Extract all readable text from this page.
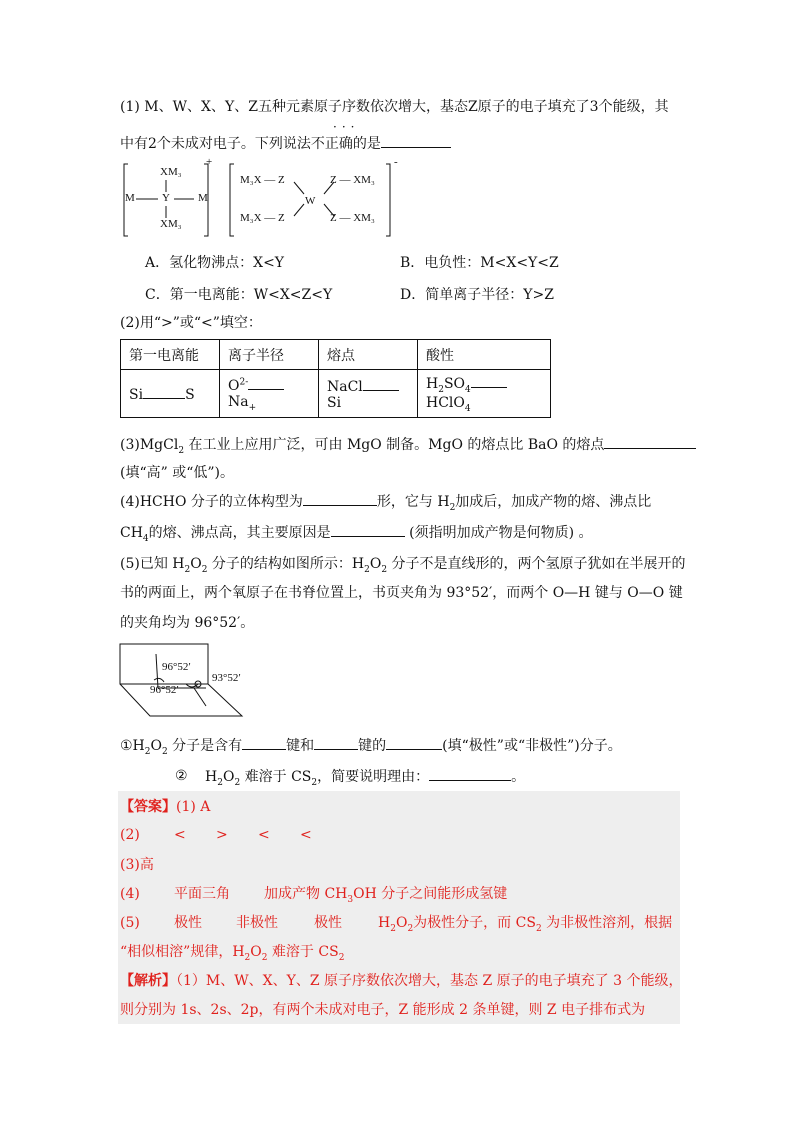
(1) M、W、X、Y、Z五种元素原子序数依次增大，基态Z原子的电子填充了3个能级，其
···
中有2个未成对电子。下列说法不正确的是
XM₃
M Y	M
XM₃
+
M₃X — Z	Z — XM₃
W
M₃X — Z	Z — XM₃
-
A．氢化物沸点：X<Y	B．电负性：M<X<Y<Z
C．第一电离能：W<X<Z<Y	D．简单离子半径：Y>Z
(2)用“>”或“<”填空：
第一电离能	离子半径	熔点	酸性
Si S	$O^{2-}Na_+$	NaClSi	$H_2SO_4HClO_4$
(3)MgCl$_2$ 在工业上应用广泛，可由 MgO 制备。MgO 的熔点比 BaO 的熔点
(填“高” 或“低”)。
(4)HCHO 分子的立体构型为	形，它与 $H_2$加成后，加成产物的熔、沸点比
$CH_4$的熔、沸点高，其主要原因是	(须指明加成产物是何物质) 。
(5)已知 $H_2O_2$ 分子的结构如图所示：$H_2O_2$ 分子不是直线形的，两个氢原子犹如在半展开的
书的两面上，两个氧原子在书脊位置上，书页夹角为 93°52′，而两个 O—H 键与 O—O 键
的夹角均为 96°52′。
96°52′
93°52′
96°52′
$①H_2O_2$ 分子是含有	键和	键的	(填“极性”或“非极性”)分子。
② $H_2O_2$ 难溶于 $CS_2$，简要说明理由：	。
【答案】(1) A
(2) < > < <
(3)高
(4) 平面三角 加成产物 $CH_3OH$ 分子之间能形成氢键
(5) 极性 非极性	极性	$H_2O_2$为极性分子，而 $CS_2$ 为非极性溶剂，根据
“相似相溶”规律，$H_2O_2$ 难溶于 $CS_2$
【解析】（1）M、W、X、Y、Z 原子序数依次增大，基态 Z 原子的电子填充了 3 个能级，
则分别为 1s、2s、2p，有两个未成对电子，Z 能形成 2 条单键，则 Z 电子排布式为
